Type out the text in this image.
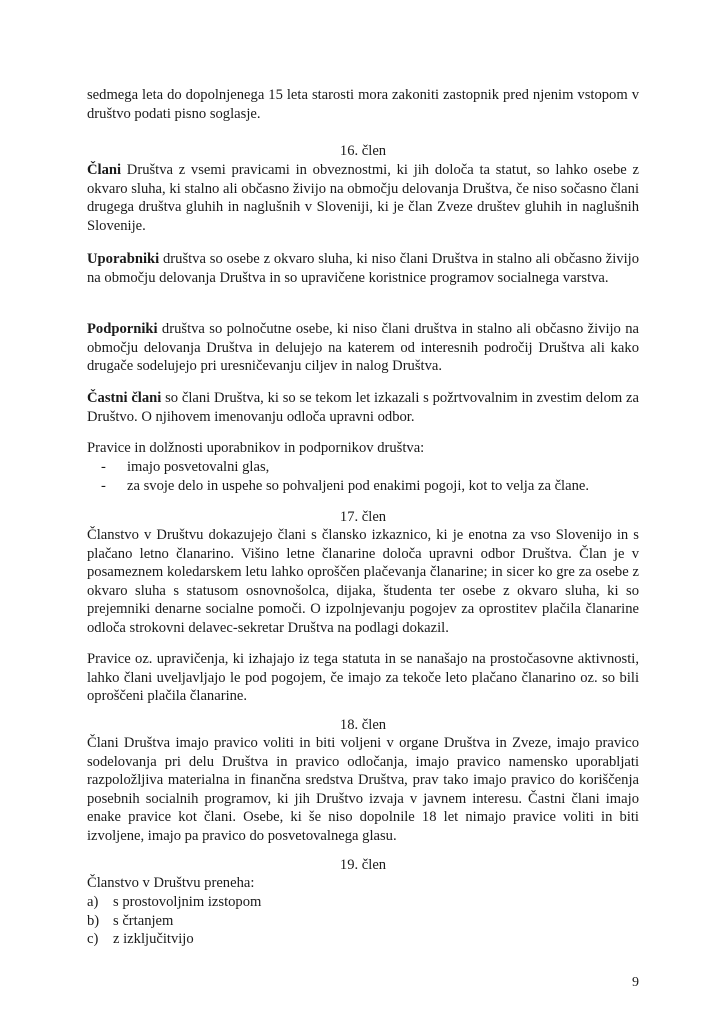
sedmega leta do dopolnjenega 15 leta starosti mora zakoniti zastopnik pred njenim vstopom v društvo podati pisno soglasje.

16. člen

Člani Društva z vsemi pravicami in obveznostmi, ki jih določa ta statut, so lahko osebe z okvaro sluha, ki stalno ali občasno živijo na območju delovanja Društva, če niso sočasno člani drugega društva gluhih in naglušnih v Sloveniji, ki je član Zveze društev gluhih in naglušnih Slovenije.

Uporabniki društva so osebe z okvaro sluha, ki niso člani Društva in stalno ali občasno živijo na območju delovanja Društva in so upravičene koristnice programov socialnega varstva.

Podporniki društva so polnočutne osebe, ki niso člani društva in stalno ali občasno živijo na območju delovanja Društva in delujejo na katerem od interesnih področij Društva ali kako drugače sodelujejo pri uresničevanju ciljev in nalog Društva.

Častni člani so člani Društva, ki so se tekom let izkazali s požrtvovalnim in zvestim delom za Društvo. O njihovem imenovanju odloča upravni odbor.

Pravice in dolžnosti uporabnikov in podpornikov društva:

- imajo posvetovalni glas,
- za svoje delo in uspehe so pohvaljeni pod enakimi pogoji, kot to velja za člane.

17. člen

Članstvo v Društvu dokazujejo člani s člansko izkaznico, ki je enotna za vso Slovenijo in s plačano letno članarino. Višino letne članarine določa upravni odbor Društva. Član je v posameznem koledarskem letu lahko oproščen plačevanja članarine; in sicer ko gre za osebe z okvaro sluha s statusom osnovnošolca, dijaka, študenta ter osebe z okvaro sluha, ki so prejemniki denarne socialne pomoči. O izpolnjevanju pogojev za oprostitev plačila članarine odloča strokovni delavec-sekretar Društva na podlagi dokazil.

Pravice oz. upravičenja, ki izhajajo iz tega statuta in se nanašajo na prostočasovne aktivnosti, lahko člani uveljavljajo le pod pogojem, če imajo za tekoče leto plačano članarino oz. so bili oproščeni plačila članarine.

18. člen

Člani Društva imajo pravico voliti in biti voljeni v organe Društva in Zveze, imajo pravico sodelovanja pri delu Društva in pravico odločanja, imajo pravico namensko uporabljati razpoložljiva materialna in finančna sredstva Društva, prav tako imajo pravico do koriščenja posebnih socialnih programov, ki jih Društvo izvaja v javnem interesu. Častni člani imajo enake pravice kot člani. Osebe, ki še niso dopolnile 18 let nimajo pravice voliti in biti izvoljene, imajo pa pravico do posvetovalnega glasu.

19. člen

Članstvo v Društvu preneha:

a) s prostovoljnim izstopom
b) s črtanjem
c) z izključitvijo
9
